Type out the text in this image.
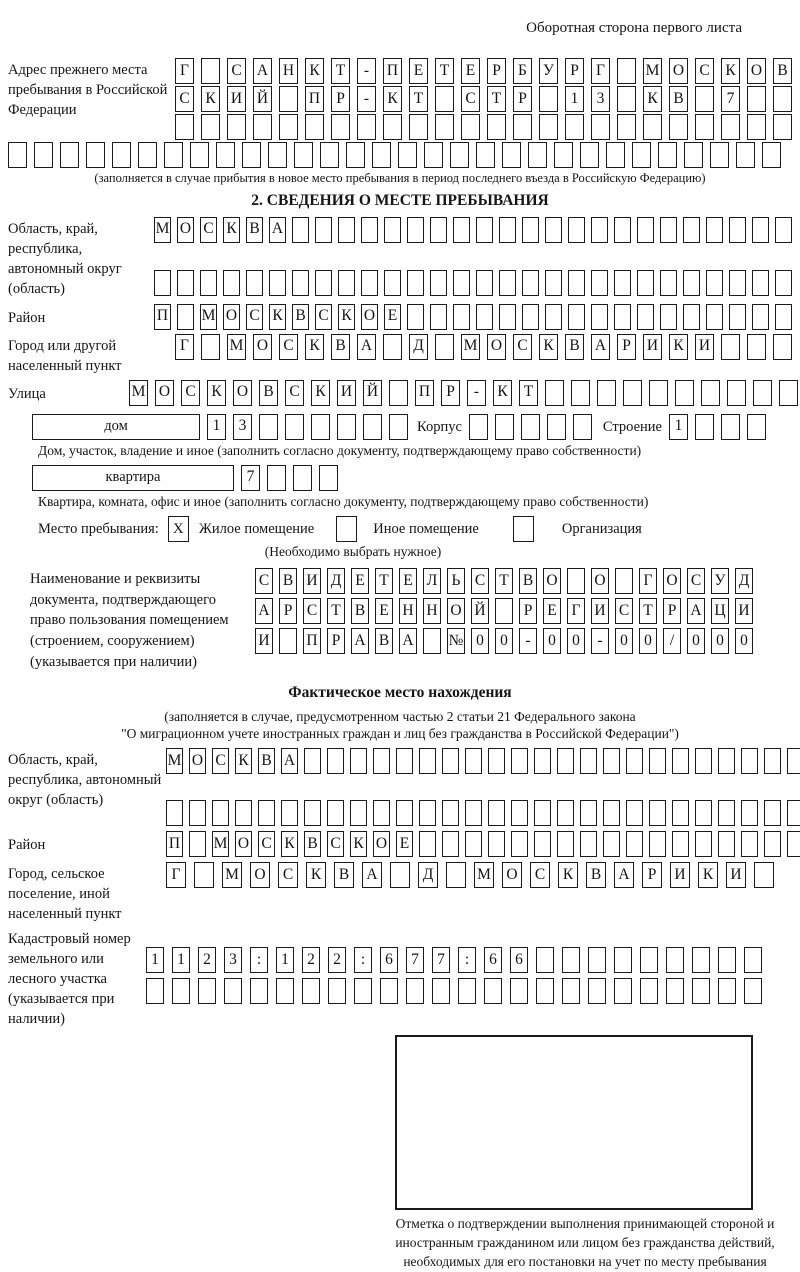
Оборотная сторона первого листа
Адрес прежнего места пребывания в Российской Федерации
Г	С А Н К	Т	-	П	Е	Т	Е	Р	Б	У	Р	Г	М О С К О В
С К И Й	П	Р	-	К	Т	С	Т	Р	1	3	К В	7
(заполняется в случае прибытия в новое место пребывания в период последнего въезда в Российскую Федерацию)
2. СВЕДЕНИЯ О МЕСТЕ ПРЕБЫВАНИЯ
Область, край, республика, автономный округ (область)
М О С К В А
Район	П М О С К В С К О Е
Город или другой населенный пункт
Г	М О С К В А	Д	М О С К В А	Р	И К И
Улица	М О С К О В С К И Й	П	Р	-	К	Т
дом	1	3	Корпус	Строение 1
Дом, участок, владение и иное (заполнить согласно документу, подтверждающему право собственности)
квартира	7
Квартира, комната, офис и иное (заполнить согласно документу, подтверждающему право собственности)
Место пребывания: X Жилое помещение	Иное помещение	Организация
(Необходимо выбрать нужное)
Наименование и реквизиты документа, подтверждающего право пользования помещением (строением, сооружением) (указывается при наличии)
С В И Д Е Т Е Л Ь С Т В О О Г О С У Д
А Р С Т В Е Н Н О Й	Р Е Г И С Т Р А Ц И
И П Р А В А № 0	0	-	0	0	-	0	0	/	0	0	0
Фактическое место нахождения
(заполняется в случае, предусмотренном частью 2 статьи 21 Федерального закона
"О миграционном учете иностранных граждан и лиц без гражданства в Российской Федерации")
Область, край, республика, автономный округ (область)
М О С К В А
Район	П М О С К В С К О Е
Город, сельское поселение, иной населенный пункт
Г	М О	С	К	В	А	Д	М О	С	К	В	А	Р	И	К	И
Кадастровый номер земельного или лесного участка (указывается при наличии)
1	1	2	3	:	1	2	2	:	6	7	7	:	6	6
Отметка о подтверждении выполнения принимающей стороной и иностранным гражданином или лицом без гражданства действий, необходимых для его постановки на учет по месту пребывания
